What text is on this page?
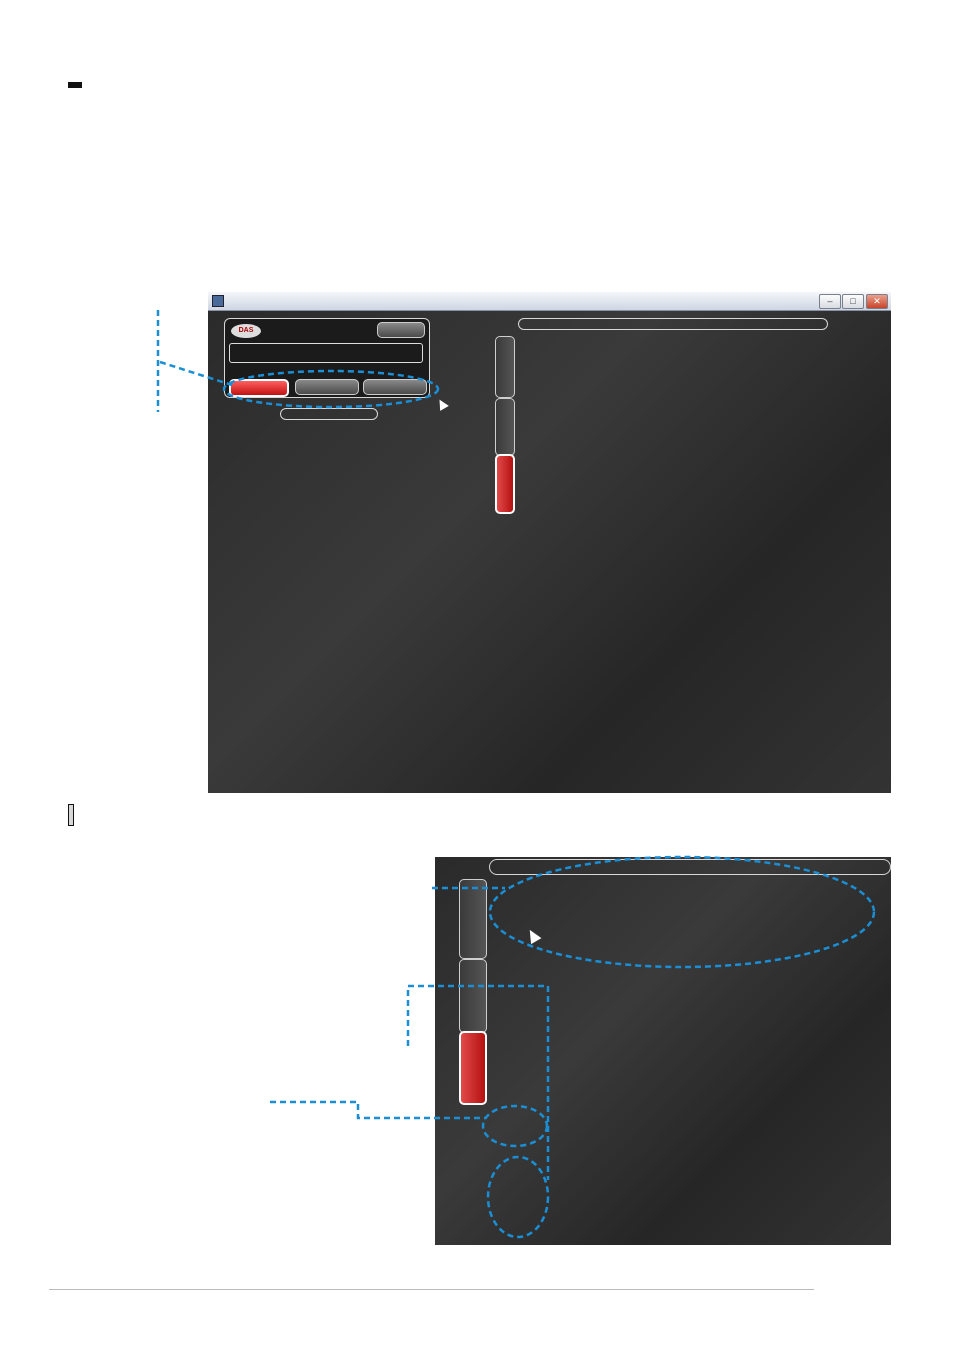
–	□	✕
DAS
